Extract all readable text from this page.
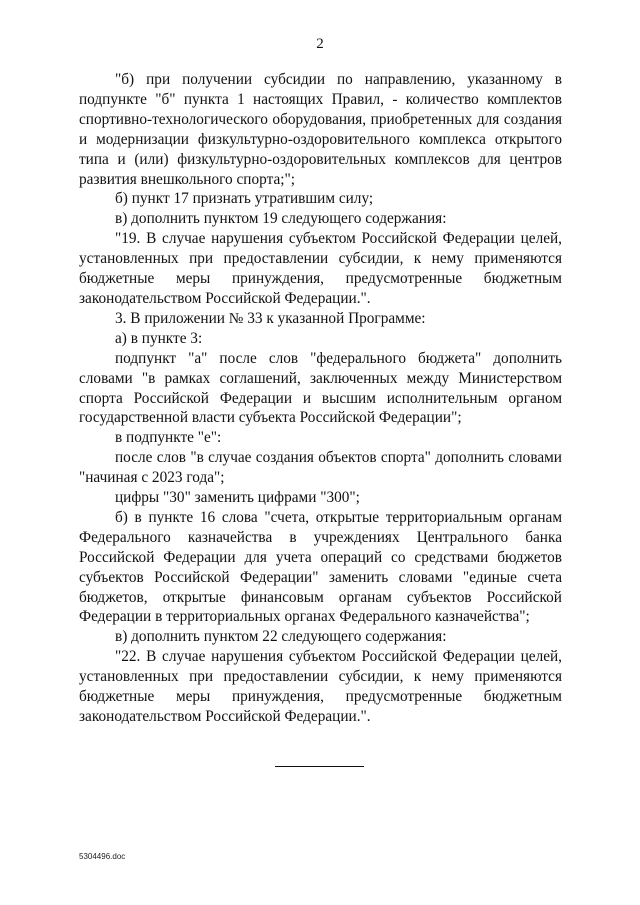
2

"б) при получении субсидии по направлению, указанному в подпункте "б" пункта 1 настоящих Правил, - количество комплектов спортивно-технологического оборудования, приобретенных для создания и модернизации физкультурно-оздоровительного комплекса открытого типа и (или) физкультурно-оздоровительных комплексов для центров развития внешкольного спорта;";

б) пункт 17 признать утратившим силу;

в) дополнить пунктом 19 следующего содержания:

"19. В случае нарушения субъектом Российской Федерации целей, установленных при предоставлении субсидии, к нему применяются бюджетные меры принуждения, предусмотренные бюджетным законодательством Российской Федерации.".

3. В приложении № 33 к указанной Программе:

а) в пункте 3:

подпункт "а" после слов "федерального бюджета" дополнить словами "в рамках соглашений, заключенных между Министерством спорта Российской Федерации и высшим исполнительным органом государственной власти субъекта Российской Федерации";

в подпункте "е":

после слов "в случае создания объектов спорта" дополнить словами "начиная с 2023 года";

цифры "30" заменить цифрами "300";

б) в пункте 16 слова "счета, открытые территориальным органам Федерального казначейства в учреждениях Центрального банка Российской Федерации для учета операций со средствами бюджетов субъектов Российской Федерации" заменить словами "единые счета бюджетов, открытые финансовым органам субъектов Российской Федерации в территориальных органах Федерального казначейства";

в) дополнить пунктом 22 следующего содержания:

"22. В случае нарушения субъектом Российской Федерации целей, установленных при предоставлении субсидии, к нему применяются бюджетные меры принуждения, предусмотренные бюджетным законодательством Российской Федерации.".

5304496.doc
